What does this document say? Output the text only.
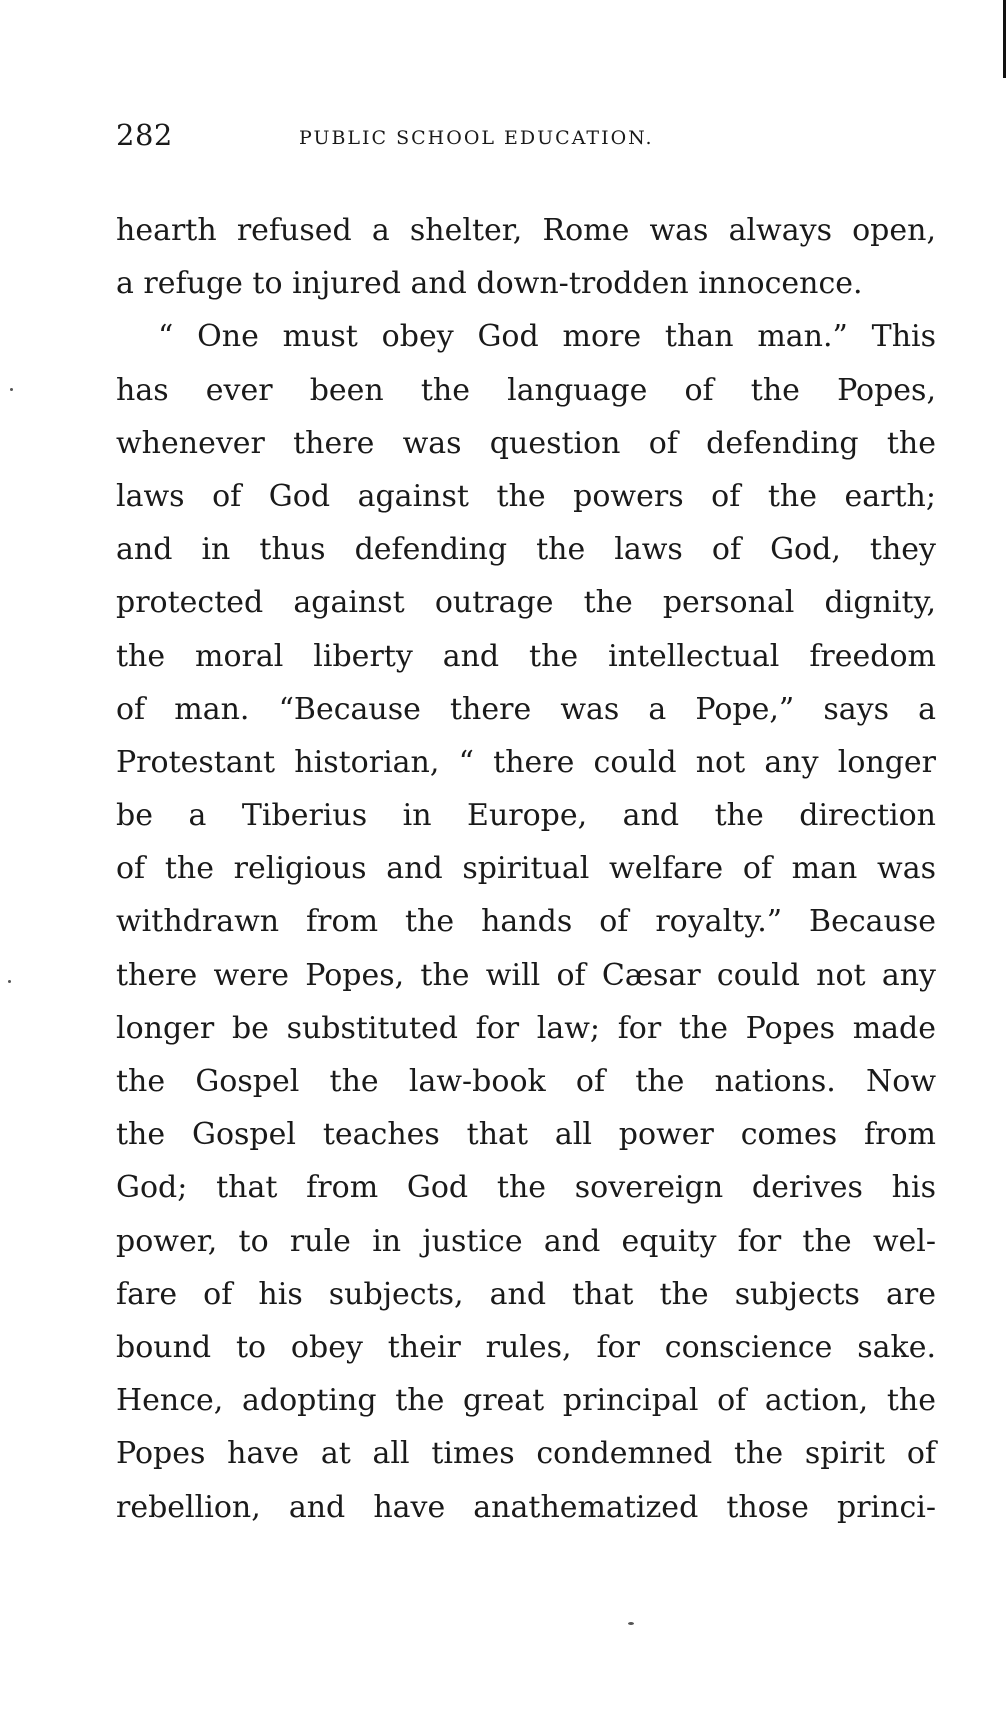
282	PUBLIC SCHOOL EDUCATION.
hearth refused a shelter, Rome was always open,
a refuge to injured and down-trodden innocence.
“ One must obey God more than man.” This
has ever been the language of the Popes,
whenever there was question of defending the
laws of God against the powers of the earth;
and in thus defending the laws of God, they
protected against outrage the personal dignity,
the moral liberty and the intellectual freedom
of man. “Because there was a Pope,” says a
Protestant historian, “ there could not any longer
be a Tiberius in Europe, and the direction
of the religious and spiritual welfare of man was
withdrawn from the hands of royalty.” Because
there were Popes, the will of Cæsar could not any
longer be substituted for law; for the Popes made
the Gospel the law-book of the nations. Now
the Gospel teaches that all power comes from
God; that from God the sovereign derives his
power, to rule in justice and equity for the wel-
fare of his subjects, and that the subjects are
bound to obey their rules, for conscience sake.
Hence, adopting the great principal of action, the
Popes have at all times condemned the spirit of
rebellion, and have anathematized those princi-
